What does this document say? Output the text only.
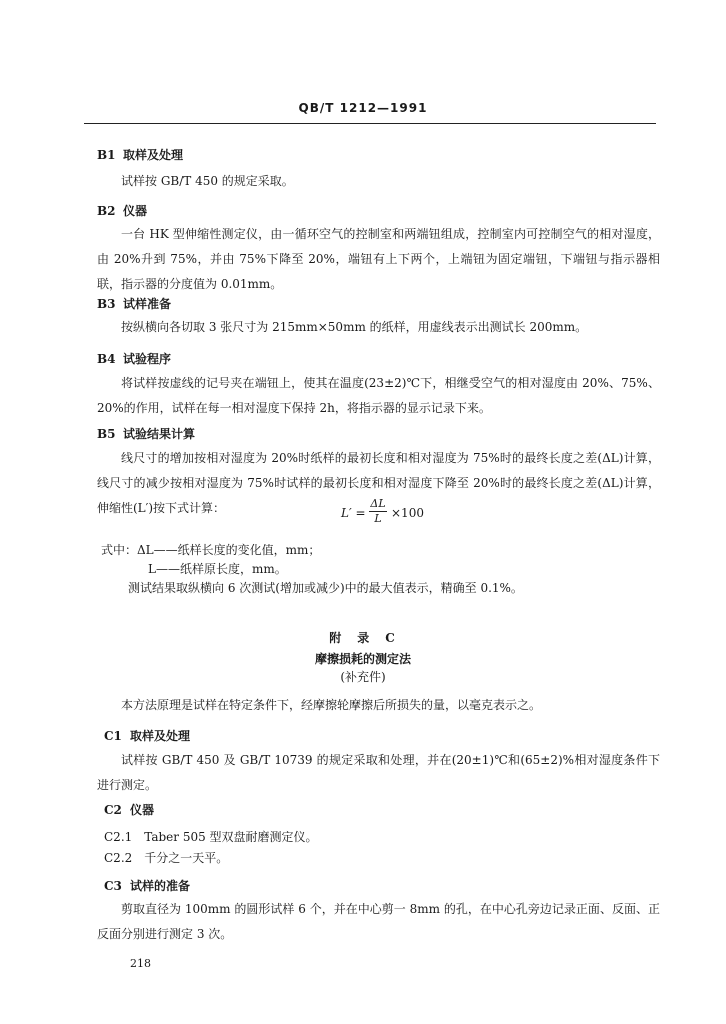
QB/T 1212—1991
B1 取样及处理
试样按 GB/T 450 的规定采取。
B2 仪器
一台 HK 型伸缩性测定仪，由一循环空气的控制室和两端钮组成，控制室内可控制空气的相对湿度，由 20%升到 75%，并由 75%下降至 20%，端钮有上下两个，上端钮为固定端钮，下端钮与指示器相联，指示器的分度值为 0.01mm。
B3 试样准备
按纵横向各切取 3 张尺寸为 215mm×50mm 的纸样，用虚线表示出测试长 200mm。
B4 试验程序
将试样按虚线的记号夹在端钮上，使其在温度(23±2)℃下，相继受空气的相对湿度由 20%、75%、20%的作用，试样在每一相对湿度下保持 2h，将指示器的显示记录下来。
B5 试验结果计算
线尺寸的增加按相对湿度为 20%时纸样的最初长度和相对湿度为 75%时的最终长度之差(ΔL)计算，线尺寸的减少按相对湿度为 75%时试样的最初长度和相对湿度下降至 20%时的最终长度之差(ΔL)计算，伸缩性(L′)按下式计算：	$L' = \frac{\Delta L}{L} \times 100$
式中：ΔL——纸样长度的变化值，mm；
L——纸样原长度，mm。
测试结果取纵横向 6 次测试(增加或减少)中的最大值表示，精确至 0.1%。
附　录　C
摩擦损耗的测定法
(补充件)
本方法原理是试样在特定条件下，经摩擦轮摩擦后所损失的量，以毫克表示之。
C1 取样及处理
试样按 GB/T 450 及 GB/T 10739 的规定采取和处理，并在(20±1)℃和(65±2)%相对湿度条件下进行测定。
C2 仪器
C2.1　Taber 505 型双盘耐磨测定仪。
C2.2　千分之一天平。
C3 试样的准备
剪取直径为 100mm 的圆形试样 6 个，并在中心剪一 8mm 的孔，在中心孔旁边记录正面、反面、正反面分别进行测定 3 次。
218
